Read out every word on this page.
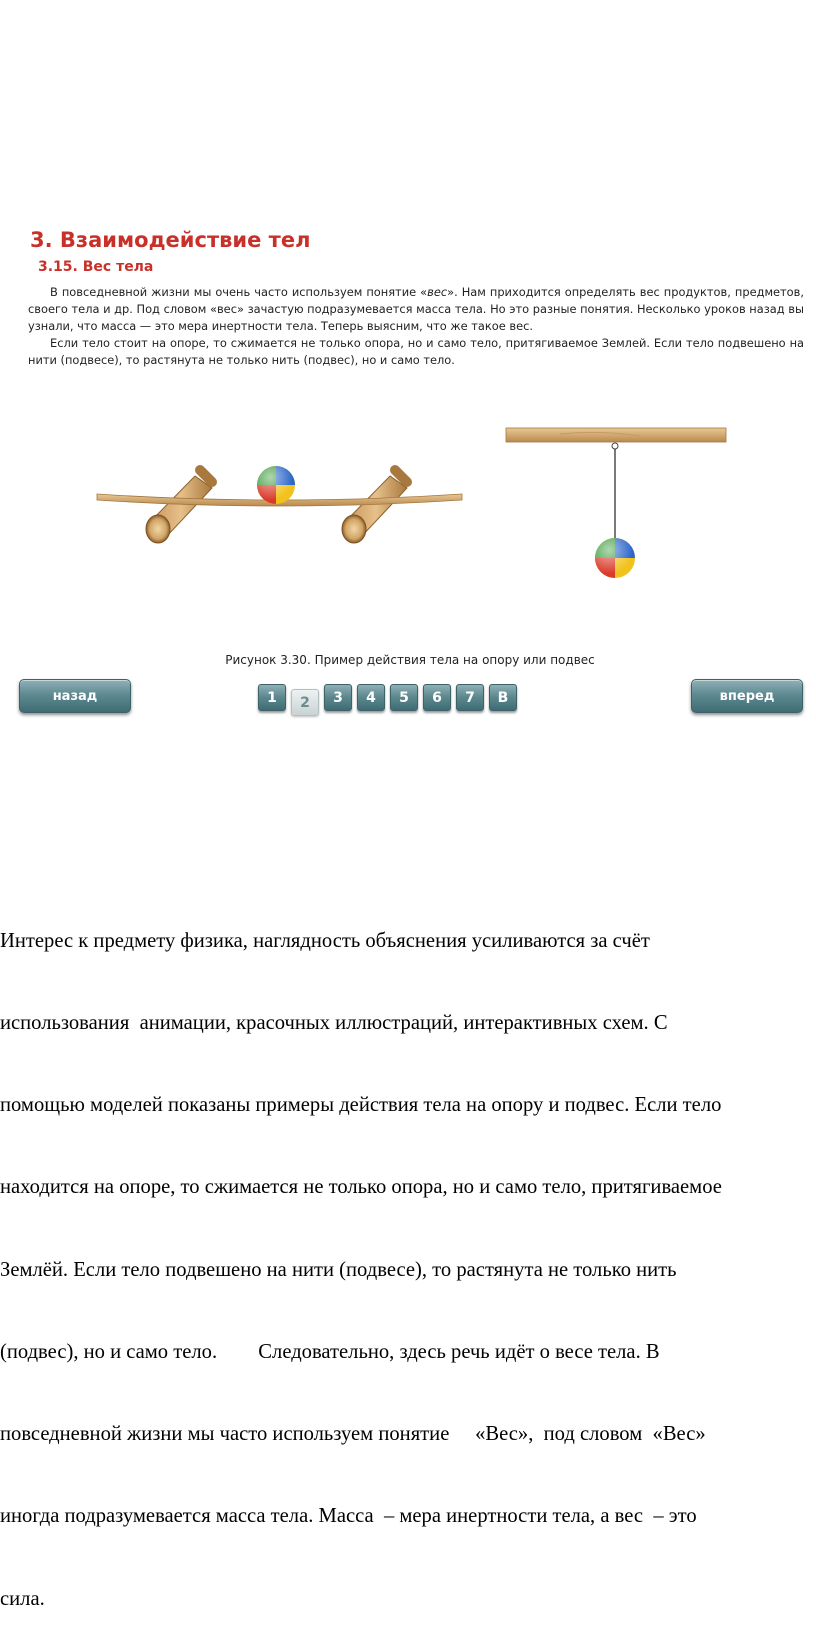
3. Взаимодействие тел
3.15. Вес тела

В повседневной жизни мы очень часто используем понятие «вес». Нам приходится определять вес продуктов, предметов, своего тела и др. Под словом «вес» зачастую подразумевается масса тела. Но это разные понятия. Несколько уроков назад вы узнали, что масса — это мера инертности тела. Теперь выясним, что же такое вес.

Если тело стоит на опоре, то сжимается не только опора, но и само тело, притягиваемое Землей. Если тело подвешено на нити (подвесе), то растянута не только нить (подвес), но и само тело.

Рисунок 3.30. Пример действия тела на опору или подвес
назад	1	2	3	4	5	6	7	B	вперед

Интерес к предмету физика, наглядность объяснения усиливаются за счёт

использования  анимации, красочных иллюстраций, интерактивных схем. С

помощью моделей показаны примеры действия тела на опору и подвес. Если тело

находится на опоре, то сжимается не только опора, но и само тело, притягиваемое

Землёй. Если тело подвешено на нити (подвесе), то растянута не только нить

(подвес), но и само тело.        Следовательно, здесь речь идёт о весе тела. В

повседневной жизни мы часто используем понятие     «Вес»,  под словом  «Вес»

иногда подразумевается масса тела. Масса  – мера инертности тела, а вес  – это

сила.
